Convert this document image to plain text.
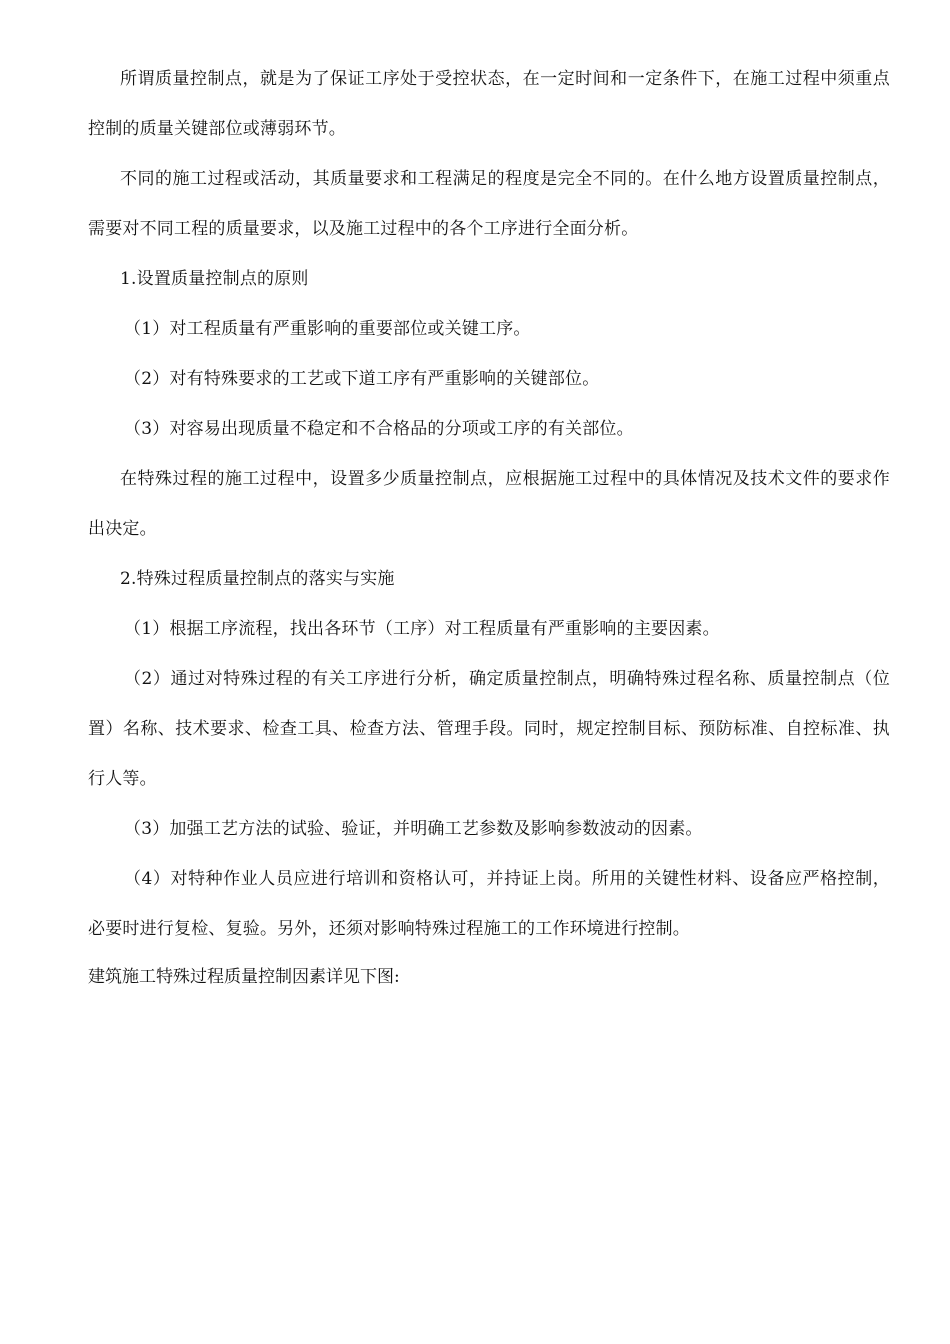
所谓质量控制点，就是为了保证工序处于受控状态，在一定时间和一定条件下，在施工过程中须重点控制的质量关键部位或薄弱环节。

不同的施工过程或活动，其质量要求和工程满足的程度是完全不同的。在什么地方设置质量控制点，需要对不同工程的质量要求，以及施工过程中的各个工序进行全面分析。

1.设置质量控制点的原则

（1）对工程质量有严重影响的重要部位或关键工序。

（2）对有特殊要求的工艺或下道工序有严重影响的关键部位。

（3）对容易出现质量不稳定和不合格品的分项或工序的有关部位。

在特殊过程的施工过程中，设置多少质量控制点，应根据施工过程中的具体情况及技术文件的要求作出决定。

2.特殊过程质量控制点的落实与实施

（1）根据工序流程，找出各环节（工序）对工程质量有严重影响的主要因素。

（2）通过对特殊过程的有关工序进行分析，确定质量控制点，明确特殊过程名称、质量控制点（位置）名称、技术要求、检查工具、检查方法、管理手段。同时，规定控制目标、预防标准、自控标准、执行人等。

（3）加强工艺方法的试验、验证，并明确工艺参数及影响参数波动的因素。

（4）对特种作业人员应进行培训和资格认可，并持证上岗。所用的关键性材料、设备应严格控制，必要时进行复检、复验。另外，还须对影响特殊过程施工的工作环境进行控制。

建筑施工特殊过程质量控制因素详见下图:
